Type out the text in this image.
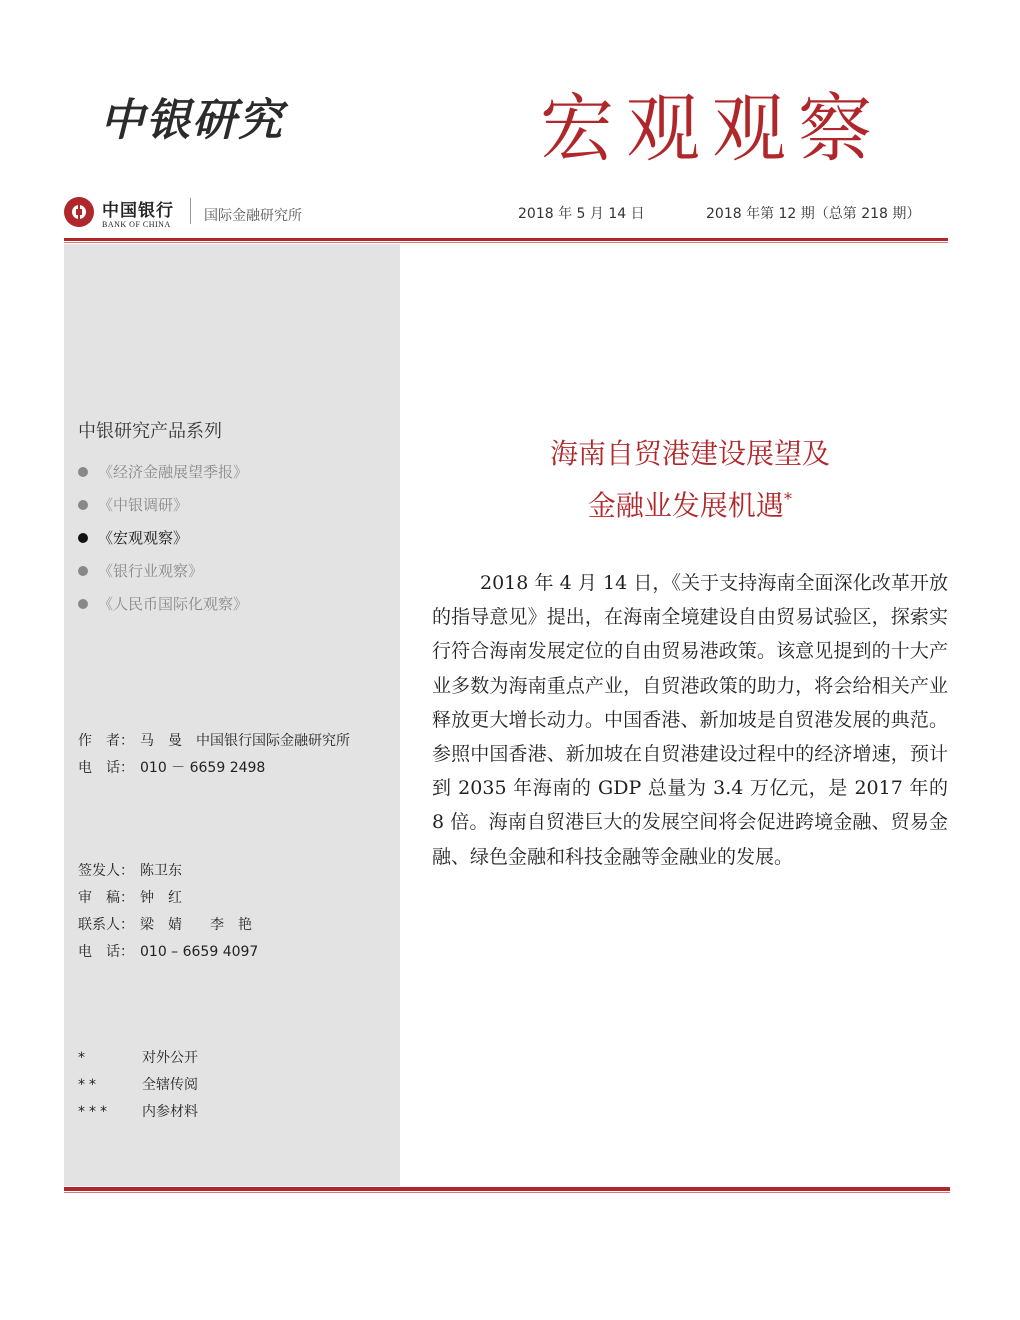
中银研究	宏观观察
中国银行
BANK OF CHINA
国际金融研究所	2018 年 5 月 14 日	2018 年第 12 期（总第 218 期）
中银研究产品系列
《经济金融展望季报》
《中银调研》
《宏观观察》
《银行业观察》
《人民币国际化观察》
作　者： 马　曼　中国银行国际金融研究所
电　话： 010 － 6659 2498
签发人： 陈卫东
审　稿： 钟　红
联系人： 梁　婧　　李　艳
电　话： 010 – 6659 4097
*	对外公开
**	全辖传阅
*** 内参材料
海南自贸港建设展望及
金融业发展机遇*

2018 年 4 月 14 日，《关于支持海南全面深化改革开放的指导意见》提出，在海南全境建设自由贸易试验区，探索实行符合海南发展定位的自由贸易港政策。该意见提到的十大产业多数为海南重点产业，自贸港政策的助力，将会给相关产业释放更大增长动力。中国香港、新加坡是自贸港发展的典范。参照中国香港、新加坡在自贸港建设过程中的经济增速，预计到 2035 年海南的 GDP 总量为 3.4 万亿元，是 2017 年的 8 倍。海南自贸港巨大的发展空间将会促进跨境金融、贸易金融、绿色金融和科技金融等金融业的发展。
